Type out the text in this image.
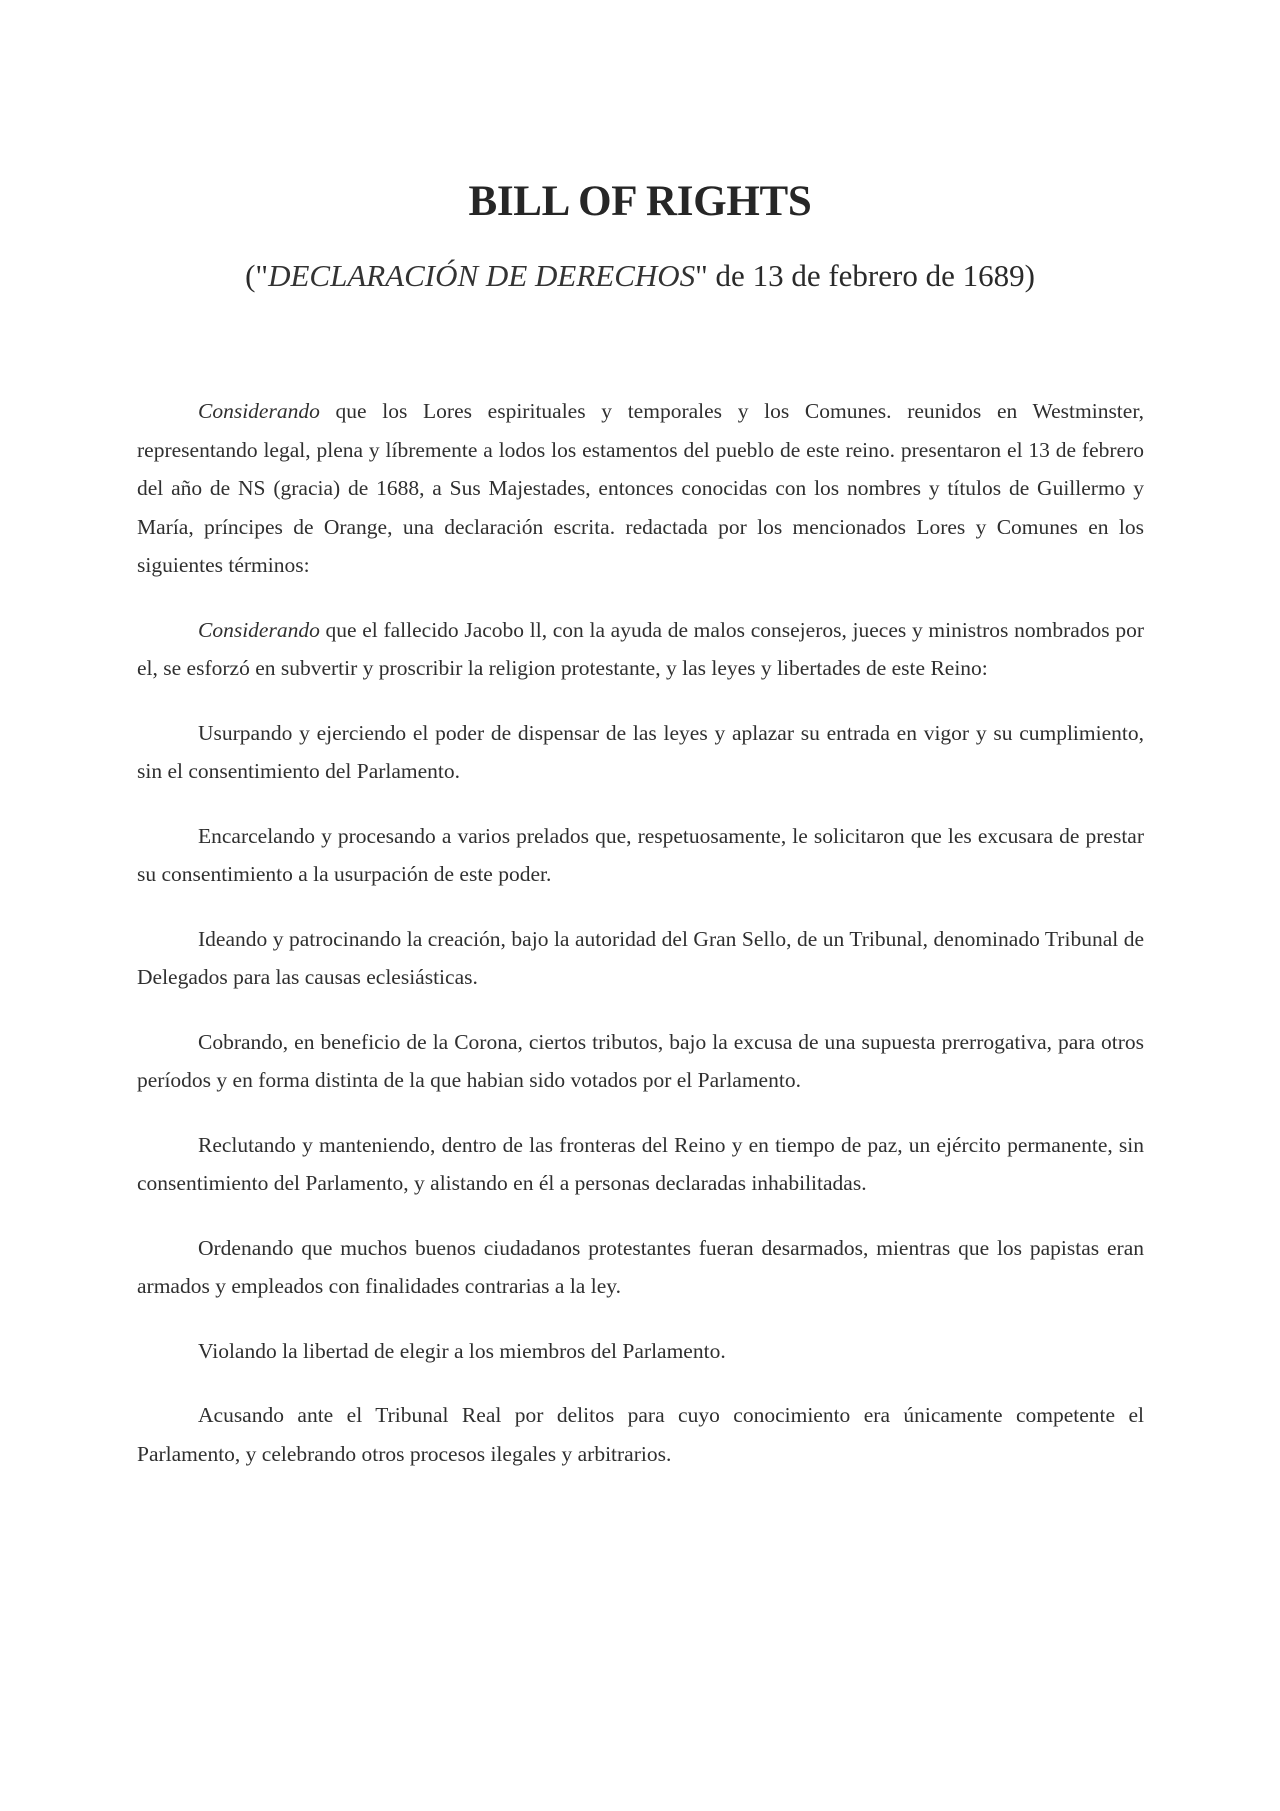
BILL OF RIGHTS

("DECLARACIÓN DE DERECHOS" de 13 de febrero de 1689)

Considerando que los Lores espirituales y temporales y los Comunes. reunidos en Westminster, representando legal, plena y líbremente a lodos los estamentos del pueblo de este reino. presentaron el 13 de febrero del año de NS (gracia) de 1688, a Sus Majestades, entonces conocidas con los nombres y títulos de Guillermo y María, príncipes de Orange, una declaración escrita. redactada por los mencionados Lores y Comunes en los siguientes términos:

Considerando que el fallecido Jacobo ll, con la ayuda de malos consejeros, jueces y ministros nombrados por el, se esforzó en subvertir y proscribir la religion protestante, y las leyes y libertades de este Reino:

Usurpando y ejerciendo el poder de dispensar de las leyes y aplazar su entrada en vigor y su cumplimiento, sin el consentimiento del Parlamento.

Encarcelando y procesando a varios prelados que, respetuosamente, le solicitaron que les excusara de prestar su consentimiento a la usurpación de este poder.

Ideando y patrocinando la creación, bajo la autoridad del Gran Sello, de un Tribunal, denominado Tribunal de Delegados para las causas eclesiásticas.

Cobrando, en beneficio de la Corona, ciertos tributos, bajo la excusa de una supuesta prerrogativa, para otros períodos y en forma distinta de la que habian sido votados por el Parlamento.

Reclutando y manteniendo, dentro de las fronteras del Reino y en tiempo de paz, un ejército permanente, sin consentimiento del Parlamento, y alistando en él a personas declaradas inhabilitadas.

Ordenando que muchos buenos ciudadanos protestantes fueran desarmados, mientras que los papistas eran armados y empleados con finalidades contrarias a la ley.

Violando la libertad de elegir a los miembros del Parlamento.

Acusando ante el Tribunal Real por delitos para cuyo conocimiento era únicamente competente el Parlamento, y celebrando otros procesos ilegales y arbitrarios.
